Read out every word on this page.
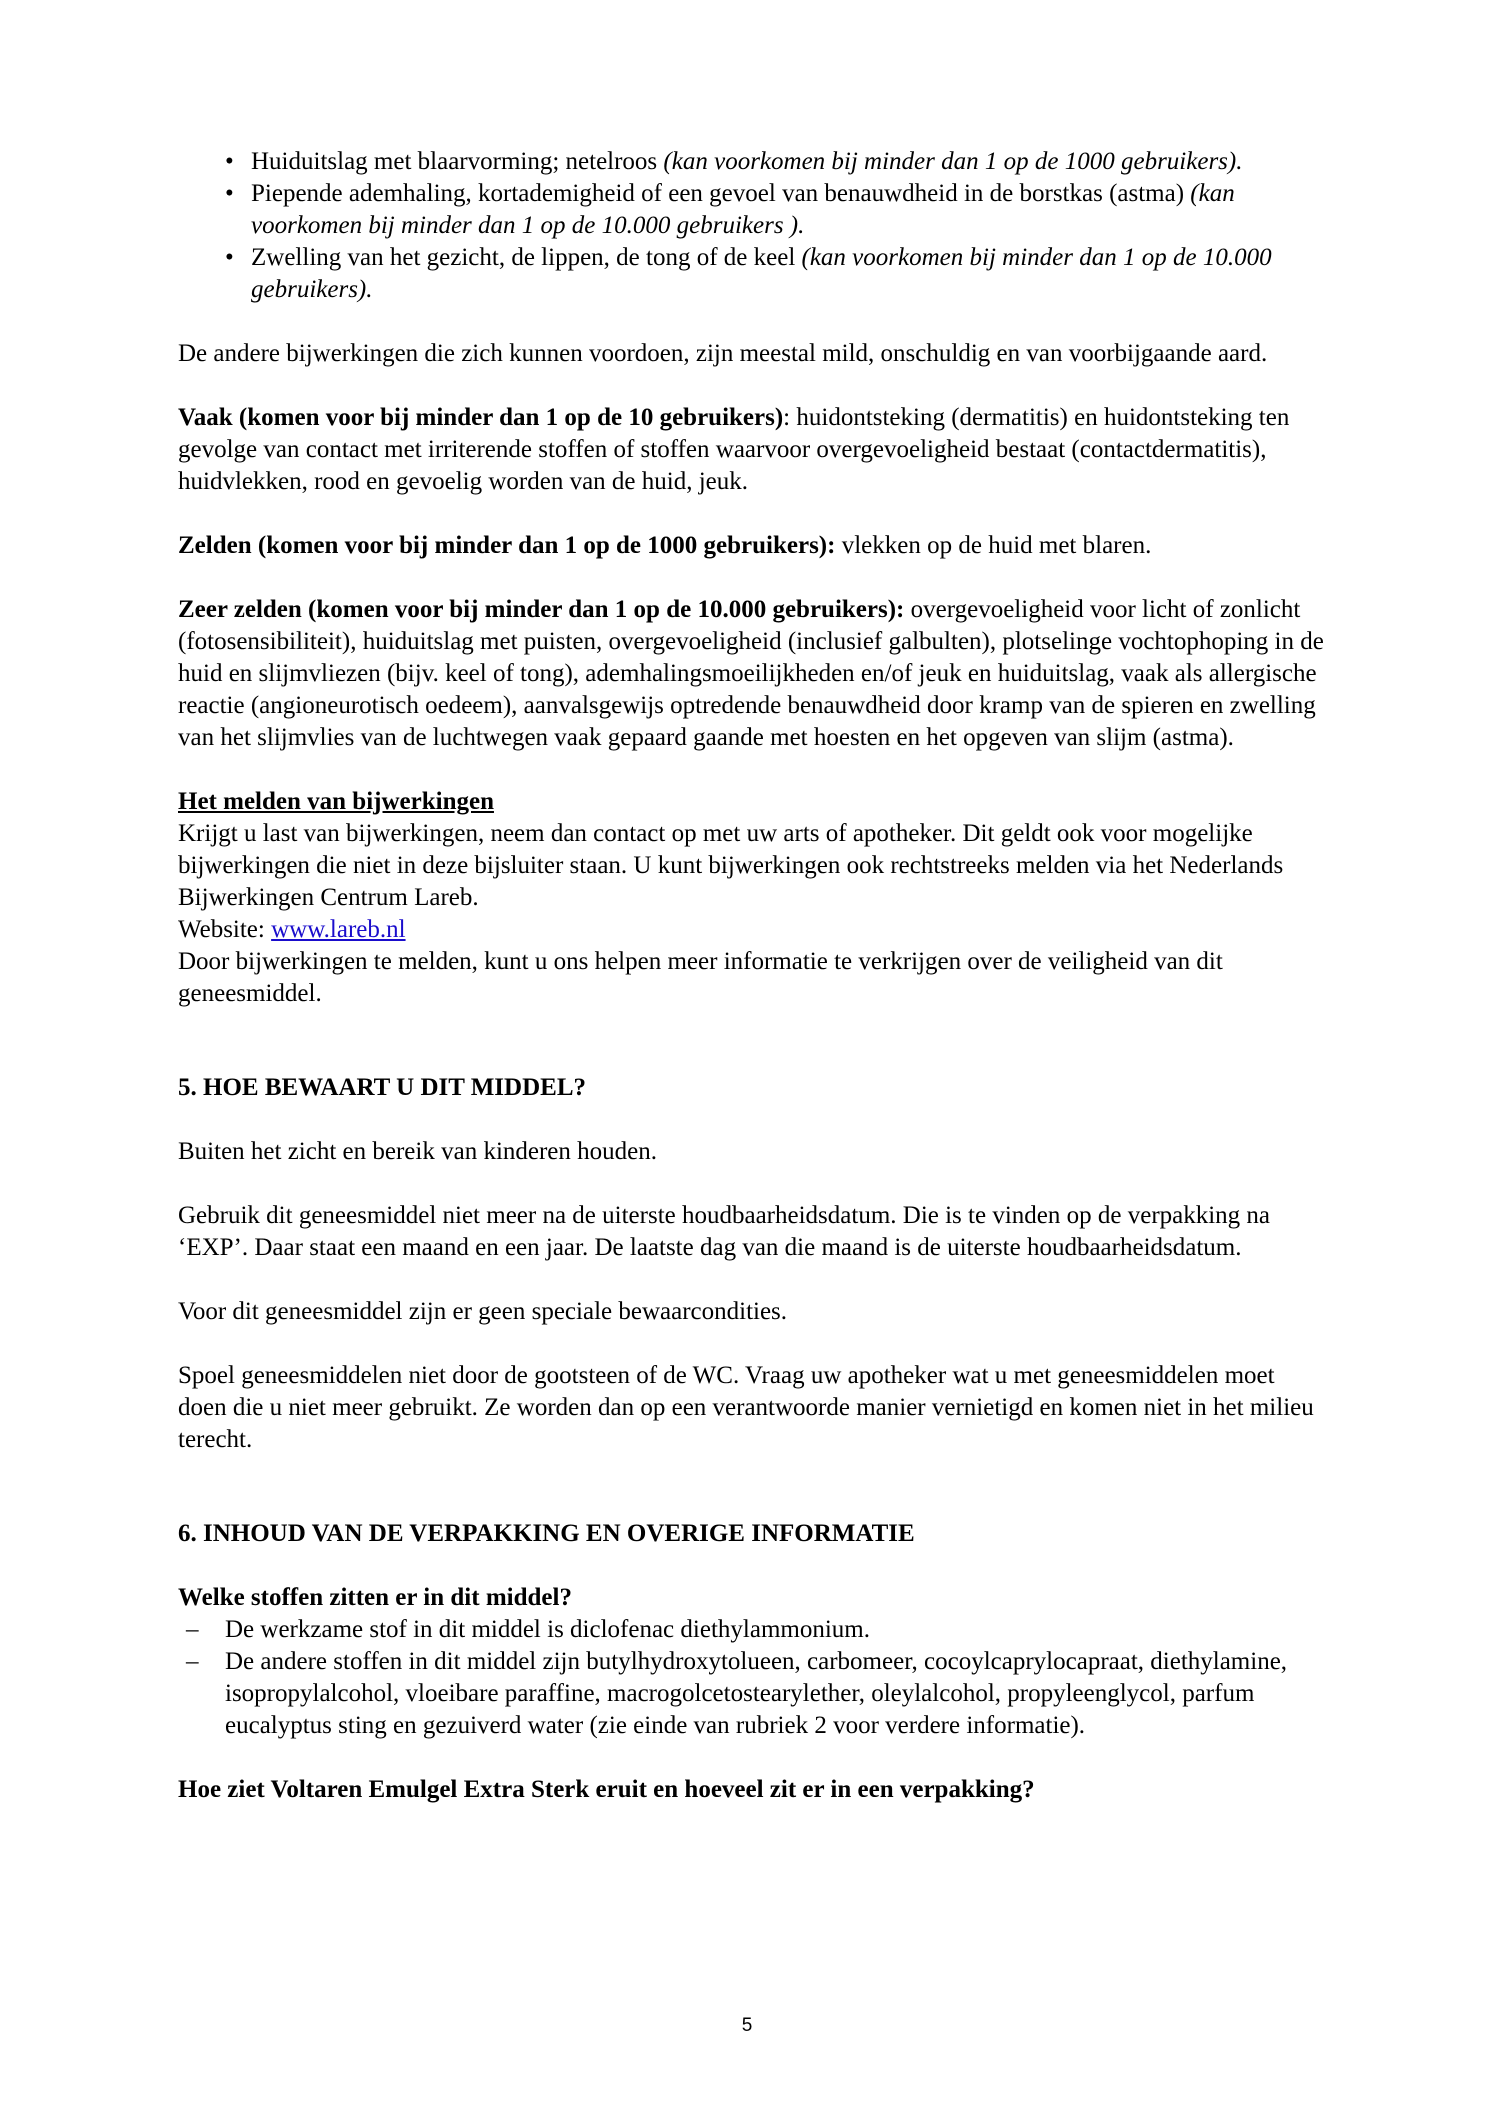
• Huiduitslag met blaarvorming; netelroos (kan voorkomen bij minder dan 1 op de 1000 gebruikers).
• Piepende ademhaling, kortademigheid of een gevoel van benauwdheid in de borstkas (astma) (kan voorkomen bij minder dan 1 op de 10.000 gebruikers ).
• Zwelling van het gezicht, de lippen, de tong of de keel (kan voorkomen bij minder dan 1 op de 10.000 gebruikers).

De andere bijwerkingen die zich kunnen voordoen, zijn meestal mild, onschuldig en van voorbijgaande aard.

Vaak (komen voor bij minder dan 1 op de 10 gebruikers): huidontsteking (dermatitis) en huidontsteking ten gevolge van contact met irriterende stoffen of stoffen waarvoor overgevoeligheid bestaat (contactdermatitis), huidvlekken, rood en gevoelig worden van de huid, jeuk.

Zelden (komen voor bij minder dan 1 op de 1000 gebruikers): vlekken op de huid met blaren.

Zeer zelden (komen voor bij minder dan 1 op de 10.000 gebruikers): overgevoeligheid voor licht of zonlicht (fotosensibiliteit), huiduitslag met puisten, overgevoeligheid (inclusief galbulten), plotselinge vochtophoping in de huid en slijmvliezen (bijv. keel of tong), ademhalingsmoeilijkheden en/of jeuk en huiduitslag, vaak als allergische reactie (angioneurotisch oedeem), aanvalsgewijs optredende benauwdheid door kramp van de spieren en zwelling van het slijmvlies van de luchtwegen vaak gepaard gaande met hoesten en het opgeven van slijm (astma).

Het melden van bijwerkingen

Krijgt u last van bijwerkingen, neem dan contact op met uw arts of apotheker. Dit geldt ook voor mogelijke bijwerkingen die niet in deze bijsluiter staan. U kunt bijwerkingen ook rechtstreeks melden via het Nederlands Bijwerkingen Centrum Lareb.

Website: www.lareb.nl

Door bijwerkingen te melden, kunt u ons helpen meer informatie te verkrijgen over de veiligheid van dit geneesmiddel.

5. HOE BEWAART U DIT MIDDEL?

Buiten het zicht en bereik van kinderen houden.

Gebruik dit geneesmiddel niet meer na de uiterste houdbaarheidsdatum. Die is te vinden op de verpakking na ‘EXP’. Daar staat een maand en een jaar. De laatste dag van die maand is de uiterste houdbaarheidsdatum.

Voor dit geneesmiddel zijn er geen speciale bewaarcondities.

Spoel geneesmiddelen niet door de gootsteen of de WC. Vraag uw apotheker wat u met geneesmiddelen moet doen die u niet meer gebruikt. Ze worden dan op een verantwoorde manier vernietigd en komen niet in het milieu terecht.

6. INHOUD VAN DE VERPAKKING EN OVERIGE INFORMATIE

Welke stoffen zitten er in dit middel?

– De werkzame stof in dit middel is diclofenac diethylammonium.
– De andere stoffen in dit middel zijn butylhydroxytolueen, carbomeer, cocoylcaprylocapraat, diethylamine, isopropylalcohol, vloeibare paraffine, macrogolcetostearylether, oleylalcohol, propyleenglycol, parfum eucalyptus sting en gezuiverd water (zie einde van rubriek 2 voor verdere informatie).

Hoe ziet Voltaren Emulgel Extra Sterk eruit en hoeveel zit er in een verpakking?

5
